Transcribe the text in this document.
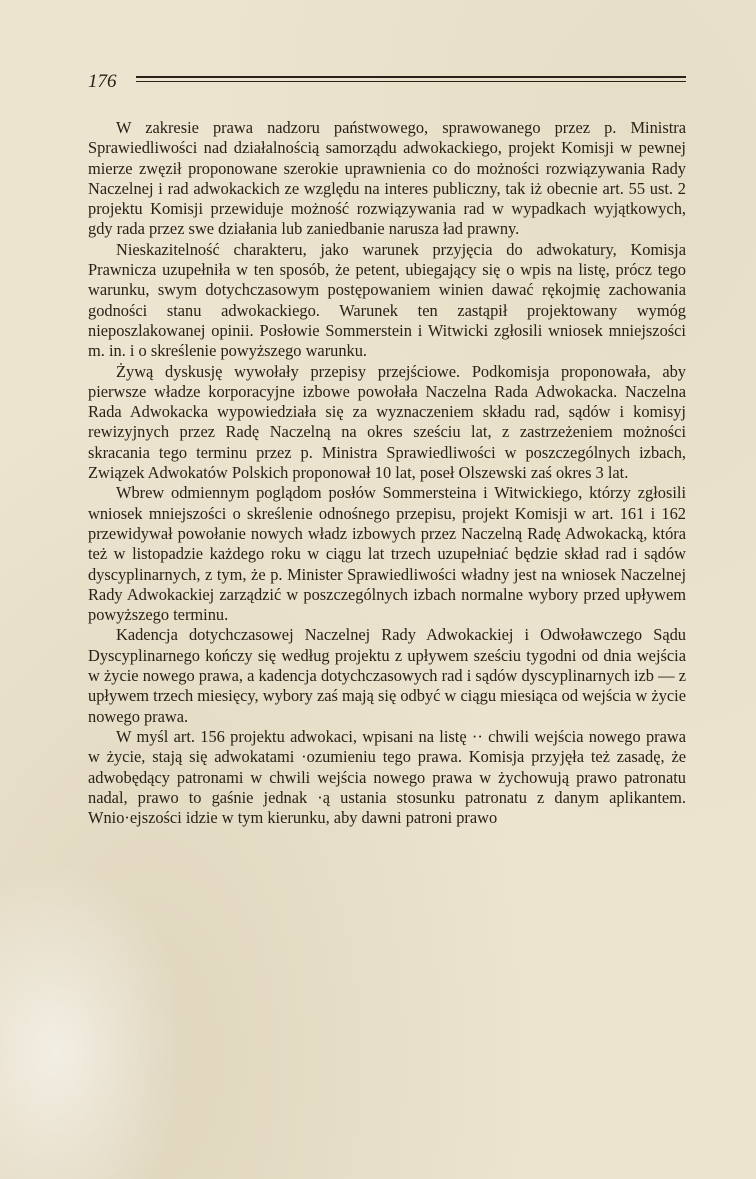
176

W zakresie prawa nadzoru państwowego, sprawowanego przez p. Ministra Sprawiedliwości nad działalnością samorządu adwokackiego, projekt Komisji w pewnej mierze zwęził proponowane szerokie uprawnienia co do możności rozwiązywania Rady Naczelnej i rad adwokackich ze względu na interes publiczny, tak iż obecnie art. 55 ust. 2 projektu Komisji przewiduje możność rozwiązywania rad w wypadkach wyjątkowych, gdy rada przez swe działania lub zaniedbanie narusza ład prawny.

Nieskazitelność charakteru, jako warunek przyjęcia do adwokatury, Komisja Prawnicza uzupełniła w ten sposób, że petent, ubiegający się o wpis na listę, prócz tego warunku, swym dotychczasowym postępowaniem winien dawać rękojmię zachowania godności stanu adwokackiego. Warunek ten zastąpił projektowany wymóg nieposzlakowanej opinii. Posłowie Sommerstein i Witwicki zgłosili wniosek mniejszości m. in. i o skreślenie powyższego warunku.

Żywą dyskusję wywołały przepisy przejściowe. Podkomisja proponowała, aby pierwsze władze korporacyjne izbowe powołała Naczelna Rada Adwokacka. Naczelna Rada Adwokacka wypowiedziała się za wyznaczeniem składu rad, sądów i komisyj rewizyjnych przez Radę Naczelną na okres sześciu lat, z zastrzeżeniem możności skracania tego terminu przez p. Ministra Sprawiedliwości w poszczególnych izbach, Związek Adwokatów Polskich proponował 10 lat, poseł Olszewski zaś okres 3 lat.

Wbrew odmiennym poglądom posłów Sommersteina i Witwickiego, którzy zgłosili wniosek mniejszości o skreślenie odnośnego przepisu, projekt Komisji w art. 161 i 162 przewidywał powołanie nowych władz izbowych przez Naczelną Radę Adwokacką, która też w listopadzie każdego roku w ciągu lat trzech uzupełniać będzie skład rad i sądów dyscyplinarnych, z tym, że p. Minister Sprawiedliwości władny jest na wniosek Naczelnej Rady Adwokackiej zarządzić w poszczególnych izbach normalne wybory przed upływem powyższego terminu.

Kadencja dotychczasowej Naczelnej Rady Adwokackiej i Odwoławczego Sądu Dyscyplinarnego kończy się według projektu z upływem sześciu tygodni od dnia wejścia w życie nowego prawa, a kadencja dotychczasowych rad i sądów dyscyplinarnych izb — z upływem trzech miesięcy, wybory zaś mają się odbyć w ciągu miesiąca od wejścia w życie nowego prawa.

W myśl art. 156 projektu adwokaci, wpisani na listę ·· chwili wejścia nowego prawa w życie, stają się adwokatami ·ozumieniu tego prawa. Komisja przyjęła też zasadę, że adwobędący patronami w chwili wejścia nowego prawa w żychowują prawo patronatu nadal, prawo to gaśnie jednak ·ą ustania stosunku patronatu z danym aplikantem. Wnio·ejszości idzie w tym kierunku, aby dawni patroni prawo
